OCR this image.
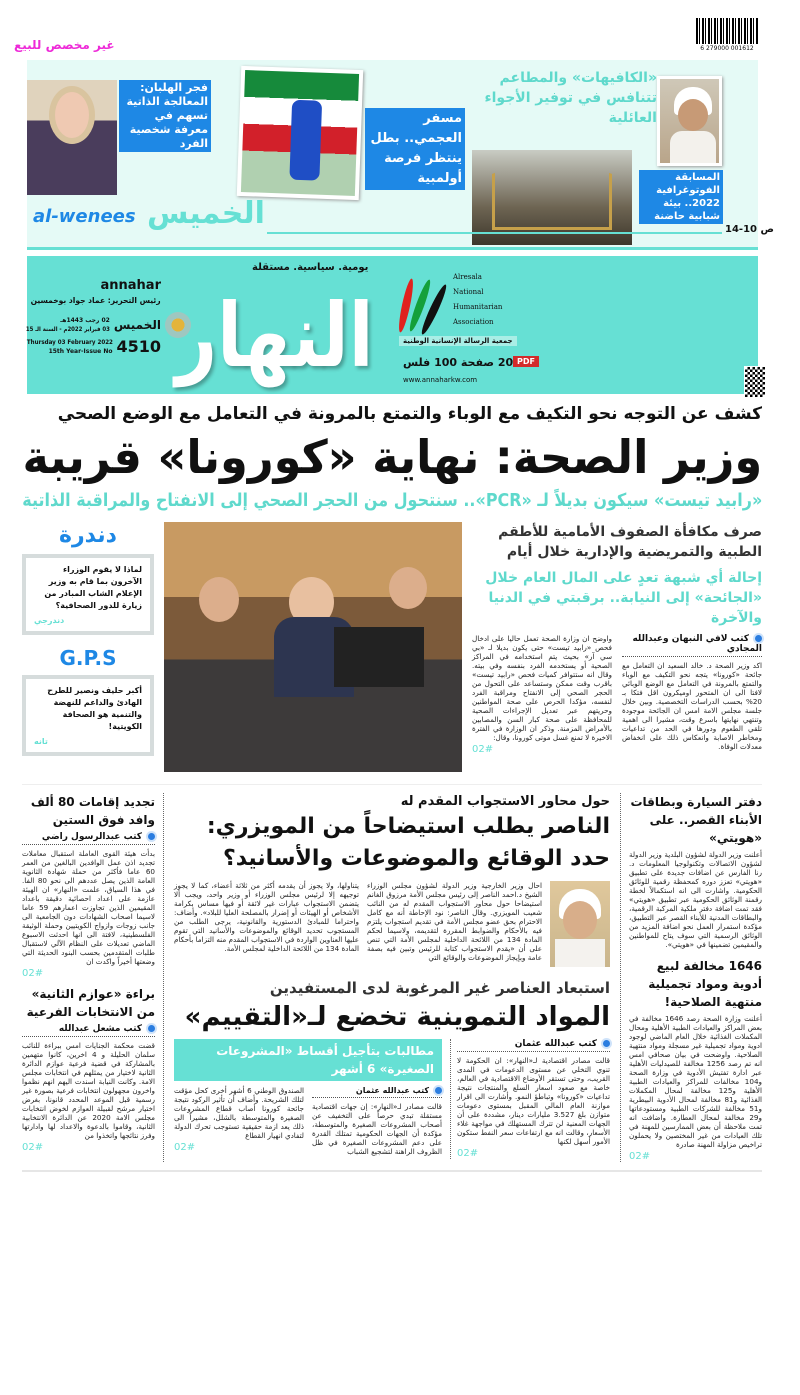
غير مخصص للبيع	6 279000 001612
المسابقة الفوتوغرافية 2022.. بيئة شبابية حاضنة
«الكافيهات» والمطاعم تتنافس في توفير الأجواء العائلية
مسفر العجمي.. بطل ينتظر فرصة أولمبية
فجر الهلبان: المعالجة الذاتية تسهم في معرفة شخصية الفرد
al-wenees الخميس	ص 10-14
annahar
رئيس التحرير: عماد جواد بوخمسين
الخميس
02 رجب 1443هـ
03 فبراير 2022م - السنة الـ 15
4510
Thursday 03 February 2022
15th Year-Issue No
يومية. سياسية. مستقلة
النهار
Alresala
National
Humanitarian
Association
جمعية الرسالة الإنسانية الوطنية
20 صفحة 100 فلس
www.annaharkw.com
PDF
كشف عن التوجه نحو التكيف مع الوباء والتمتع بالمرونة في التعامل مع الوضع الصحي
وزير الصحة: نهاية «كورونا» قريبة
«رابيد تيست» سيكون بديلاً لـ «PCR».. سنتحول من الحجر الصحي إلى الانفتاح والمراقبة الذاتية
صرف مكافأة الصفوف الأمامية للأطقم الطبية والتمريضية والإدارية خلال أيام
إحالة أي شبهة تعدٍ على المال العام خلال «الجائحة» إلى النيابة.. برقبتي في الدنيا والآخرة
كتب لافي النبهان وعبدالله المجادي
اكد وزير الصحة د. خالد السعيد ان التعامل مع جائحة «كورونا» يتجه نحو التكيف مع الوباء والتمتع بالمرونة في التعامل مع الوضع الوبائي لافتا الى ان المتحور اوميكرون اقل فتكا بـ 20% بحسب الدراسات التخصصية. وبين خلال جلسة مجلس الامة امس ان الجائحة موجودة وتنتهي نهايتها باسرع وقت، مشيرا الى اهمية تلقي الطعوم ودورها في الحد من تداعيات ومخاطر الاصابة وانعكاس ذلك على انخفاض معدلات الوفاة.
واوضح ان وزارة الصحة تعمل حاليا على ادخال فحص «رابيد تيست» حتى يكون بديلا لـ «بي سي آر» بحيث يتم استخدامه في المراكز الصحية أو يستخدمه الفرد بنفسه وفي بيته. وقال انه ستتوافر كميات فحص «رابيد تيست» باقرب وقت ممكن وستساعد على التحول من الحجر الصحي إلى الانفتاح ومراقبة الفرد لنفسه، مؤكدا الحرص على صحة المواطنين وحريتهم عبر تعديل الإجراءات الصحية للمحافظة على صحة كبار السن والمصابين بالأمراض المزمنة. وذكر ان الوزارة في الفترة الاخيرة لا تمنع غسل موتى كورونا، وقال:
02#
دندرة
لماذا لا يقوم الوزراء الآخرون بما قام به وزير الإعلام الشاب المبادر من زيارة للدور الصحافية؟
دندرجي
G.P.S
أكبر حليف ونصير للطرح الهادئ والداعم للنهضة والتنمية هو الصحافة الكويتية!
تانه
دفتر السيارة وبطاقات الأبناء القصر.. على «هويتي»
أعلنت وزير الدولة لشؤون البلدية وزير الدولة لشؤون الاتصالات وتكنولوجيا المعلومات د. رنا الفارس عن اضافات جديدة على تطبيق «هويتي» تعزز دوره كمحفظة رقمية للوثائق الحكومية. واشارت الى انه استكمالاً لخطة رقمنة الوثائق الحكومية عبر تطبيق «هويتي» فقد تمت اضافة دفتر ملكية المركبة الرقمية، والبطاقات المدنية للأبناء القصر عبر التطبيق، مؤكدة استمرار العمل نحو اضافة المزيد من الوثائق الرسمية التي سوف يتاح للمواطنين والمقيمين تضمينها في «هويتي».
1646 مخالفة لبيع أدوية ومواد تجميلية منتهية الصلاحية!
أعلنت وزارة الصحة رصد 1646 مخالفة في بعض المراكز والعيادات الطبية الأهلية ومحال المكملات الغذائية خلال العام الماضي لوجود ادوية ومواد تجميلية غير مسجلة ومواد منتهية الصلاحية. واوضحت في بيان صحافي امس انه تم رصد 1256 مخالفة للصيدليات الأهلية عبر ادارة تفتيش الأدوية في وزارة الصحة و104 مخالفات للمراكز والعيادات الطبية الأهلية و125 مخالفة لمحال المكملات الغذائية و81 مخالفة لمحال الأدوية البيطرية و51 مخالفة للشركات الطبية ومستودعاتها و29 مخالفة لمحال العطارة. واضافت انه تمت ملاحظة أن بعض الممارسين للمهنة في تلك العيادات من غير المختصين ولا يحملون تراخيص مزاولة المهنة صادرة
02#
حول محاور الاستجواب المقدم له
الناصر يطلب استيضاحاً من المويزري: حدد الوقائع والموضوعات والأسانيد؟
احال وزير الخارجية وزير الدولة لشؤون مجلس الوزراء الشيخ د.احمد الناصر إلى رئيس مجلس الأمة مرزوق الغانم استيضاحا حول محاور الاستجواب المقدم له من النائب شعيب المويزري. وقال الناصر: نود الإحاطة أنه مع كامل الاحترام بحق عضو مجلس الأمة في تقديم استجواب يلتزم فيه بالأحكام والضوابط المقررة لتقديمه، ولاسيما لحكم المادة 134 من اللائحة الداخلية لمجلس الأمة التي تنص على أن «يقدم الاستجواب كتابة للرئيس وتبين فيه بصفة عامة وبإيجاز الموضوعات والوقائع التي
يتناولها، ولا يجوز أن يقدمه أكثر من ثلاثة أعضاء، كما لا يجوز توجيهه إلا لرئيس مجلس الوزراء أو وزير واحد، ويجب ألا يتضمن الاستجواب عبارات غير لائقة أو فيها مساس بكرامة الأشخاص أو الهيئات أو إضرار بالمصلحة العليا للبلاد». وأضاف: واحتراما للمبادئ الدستورية والقانونية، يرجى الطلب من المستجوب تحديد الوقائع والموضوعات والأسانيد التي تقوم عليها العناوين الواردة في الاستجواب المقدم منه التزاما بأحكام المادة 134 من اللائحة الداخلية لمجلس الأمة.
استبعاد العناصر غير المرغوبة لدى المستفيدين
المواد التموينية تخضع لـ«التقييم»
كتب عبدالله عثمان
قالت مصادر اقتصادية لـ«النهار»: ان الحكومة لا تنوي التخلي عن مستوى الدعومات في المدى القريب، وحتى تستقر الأوضاع الاقتصادية في العالم، خاصة مع صعود اسعار السلع والمنتجات نتيجة تداعيات «كورونا» وتباطؤ النمو. وأشارت الى اقرار موازنة العام المالي المقبل بمستوى دعومات متوازن بلغ 3.527 مليارات دينار، مشددة على أن الجهات المعنية لن تترك المستهلك في مواجهة غلاء الأسعار، وقالت انه مع ارتفاعات سعر النفط ستكون الأمور أسهل لكنها
02#
مطالبات بتأجيل أقساط «المشروعات الصغيرة» 6 أشهر
كتب عبدالله عثمان
قالت مصادر لـ«النهار»: إن جهات اقتصادية مستقلة تبدي حرصاً على التخفيف عن أصحاب المشروعات الصغيرة والمتوسطة، مؤكدة أن الجهات الحكومية تمتلك القدرة على دعم المشروعات الصغيرة في ظل الظروف الراهنة لتشجيع الشباب
الصندوق الوطني 6 أشهر أخرى كحل مؤقت لتلك الشريحة. وأضاف أن تأثير الركود نتيجة جائحة كورونا أصاب قطاع المشروعات الصغيرة والمتوسطة بالشلل، مشيراً الى ذلك يعد ازمة حقيقية تستوجب تحرك الدولة لتفادي انهيار القطاع
02#
تجديد إقامات 80 ألف وافد فوق الستين
كتب عبدالرسول راضي
بدأت هيئة القوى العاملة استقبال معاملات تجديد اذن عمل الوافدين البالغين من العمر 60 عاما فأكثر من حملة شهادة الثانوية العامة الذين يصل عددهم الى نحو 80 الفا. في هذا السياق، علمت «النهار» ان الهيئة عازمة على اعداد احصائية دقيقة باعداد المقيمين الذين تجاوزت اعمارهم 59 عاما لاسيما اصحاب الشهادات دون الجامعية الى جانب زوجات وازواج الكويتيين وحملة الوثيقة الفلسطينية، لافتة الى انها احدثت الاسبوع الماضي تعديلات على النظام الآلي لاستقبال طلبات المتقدمين بحسب البنود الحديثة التي وضعتها أخيراً واكدت ان
02#
براءة «عوازم الثانية» من الانتخابات الفرعية
كتب مشعل عبدالله
قضت محكمة الجنايات امس ببراءة للنائب سلمان الحليلة و 4 اخرين، كانوا متهمين بالمشاركة في قضية فرعية عوازم الدائرة الثانية لاختيار من يمثلهم في انتخابات مجلس الامة. وكانت النيابة اسندت اليهم انهم نظموا واخرون مجهولون انتخابات فرعية بصورة غير رسمية قبل الموعد المحدد قانونا، بغرض اختيار مرشح لقبيلة العوازم لخوض انتخابات مجلس الامة 2020 عن الدائرة الانتخابية الثانية، وقاموا بالدعوة والاعداد لها وادارتها وفرز نتائجها واتخذوا من
02#
